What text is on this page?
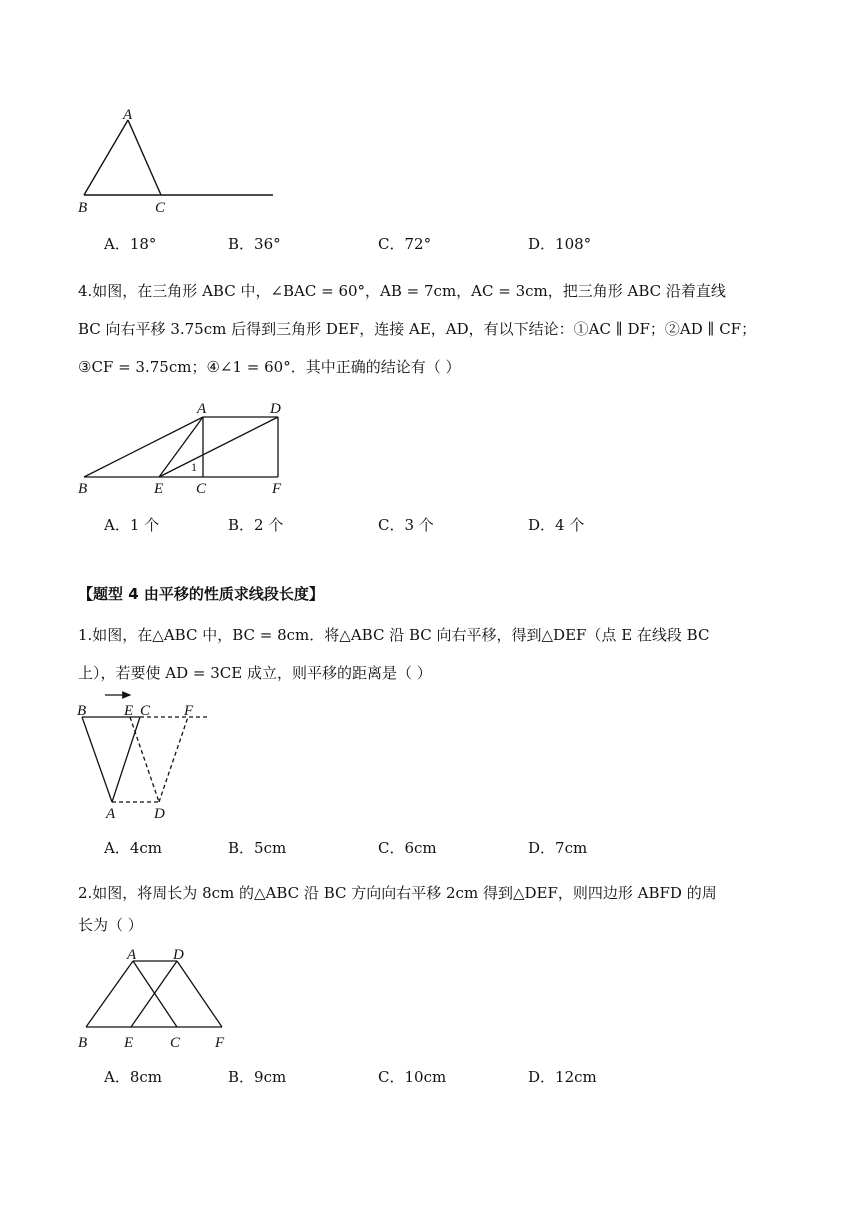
A
B	C
A．18°	B．36°	C．72°	D．108°
4.如图，在三角形 ABC 中，∠BAC = 60°，AB = 7cm，AC = 3cm，把三角形 ABC 沿着直线
BC 向右平移 3.75cm 后得到三角形 DEF，连接 AE，AD，有以下结论：①AC ∥ DF；②AD ∥ CF；
③CF = 3.75cm；④∠1 = 60°．其中正确的结论有（ ）
A	D
B	E C	F
1
A．1 个	B．2 个	C．3 个	D．4 个
【题型 4 由平移的性质求线段长度】
1.如图，在△ABC 中，BC = 8cm．将△ABC 沿 BC 向右平移，得到△DEF（点 E 在线段 BC
上），若要使 AD = 3CE 成立，则平移的距离是（ ）
B	E C F
A	D
A．4cm	B．5cm	C．6cm	D．7cm
2.如图，将周长为 8cm 的△ABC 沿 BC 方向向右平移 2cm 得到△DEF，则四边形 ABFD 的周
长为（ ）
A D
B E C F
A．8cm	B．9cm	C．10cm	D．12cm
